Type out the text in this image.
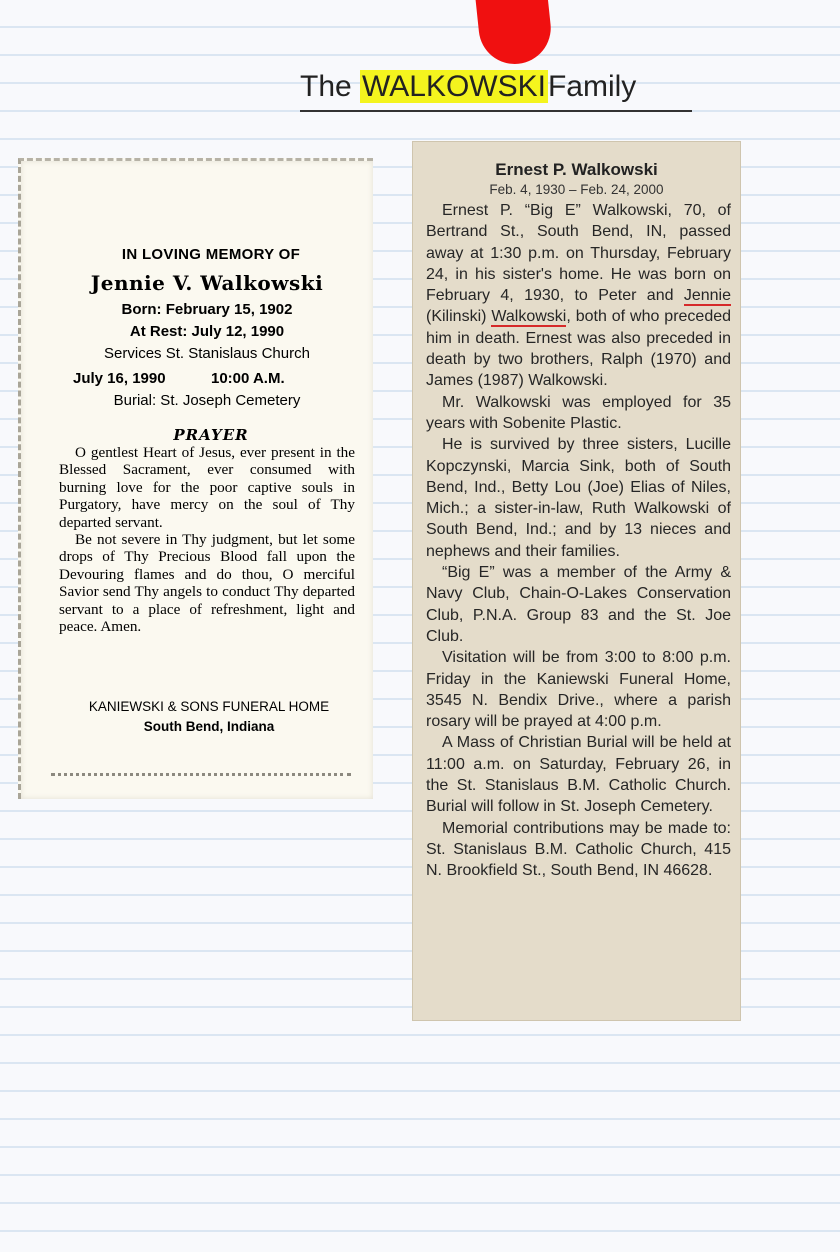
The WALKOWSKIFamily
IN LOVING MEMORY OF
Jennie V. Walkowski
Born: February 15, 1902
At Rest: July 12, 1990
Services St. Stanislaus Church
July 16, 1990	10:00 A.M.
Burial: St. Joseph Cemetery
PRAYER

O gentlest Heart of Jesus, ever present in the Blessed Sacrament, ever consumed with burning love for the poor captive souls in Purgatory, have mercy on the soul of Thy departed servant.

Be not severe in Thy judgment, but let some drops of Thy Precious Blood fall upon the Devouring flames and do thou, O merciful Savior send Thy angels to conduct Thy departed servant to a place of refreshment, light and peace. Amen.

KANIEWSKI & SONS FUNERAL HOME
South Bend, Indiana
Ernest P. Walkowski
Feb. 4, 1930 – Feb. 24, 2000

Ernest P. “Big E” Walkowski, 70, of Bertrand St., South Bend, IN, passed away at 1:30 p.m. on Thursday, February 24, in his sister's home. He was born on February 4, 1930, to Peter and Jennie (Kilinski) Walkowski, both of who preceded him in death. Ernest was also preceded in death by two brothers, Ralph (1970) and James (1987) Walkowski.

Mr. Walkowski was employed for 35 years with Sobenite Plastic.

He is survived by three sisters, Lucille Kopczynski, Marcia Sink, both of South Bend, Ind., Betty Lou (Joe) Elias of Niles, Mich.; a sister-in-law, Ruth Walkowski of South Bend, Ind.; and by 13 nieces and nephews and their families.

“Big E” was a member of the Army & Navy Club, Chain-O-Lakes Conservation Club, P.N.A. Group 83 and the St. Joe Club.

Visitation will be from 3:00 to 8:00 p.m. Friday in the Kaniewski Funeral Home, 3545 N. Bendix Drive., where a parish rosary will be prayed at 4:00 p.m.

A Mass of Christian Burial will be held at 11:00 a.m. on Saturday, February 26, in the St. Stanislaus B.M. Catholic Church. Burial will follow in St. Joseph Cemetery.

Memorial contributions may be made to: St. Stanislaus B.M. Catholic Church, 415 N. Brookfield St., South Bend, IN 46628.
